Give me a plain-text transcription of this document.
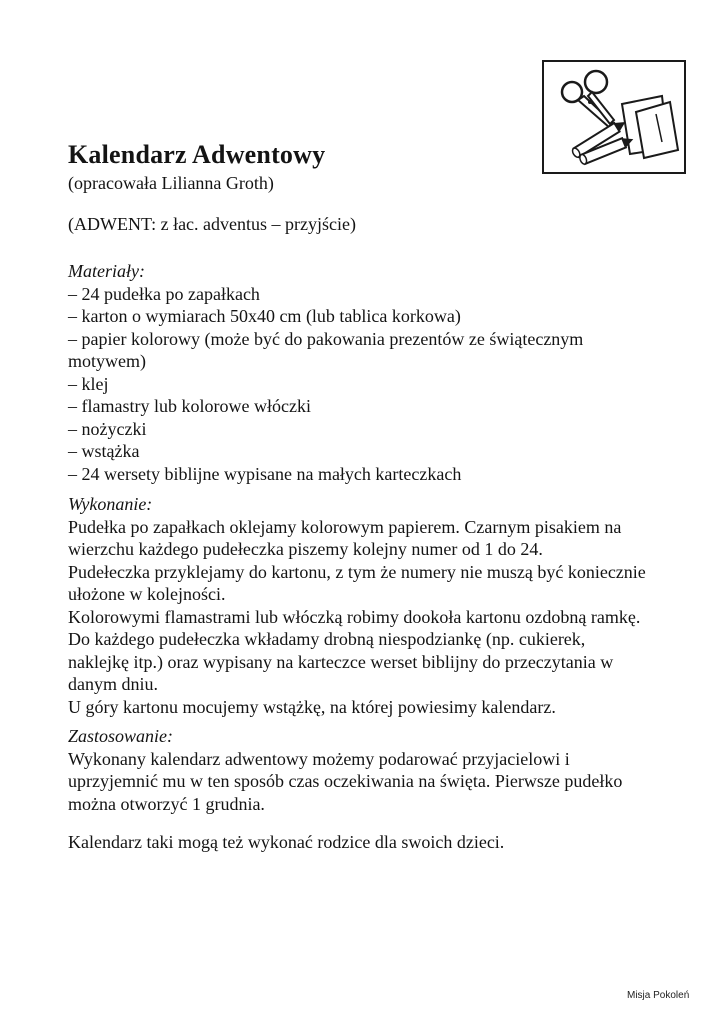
Kalendarz Adwentowy
(opracowała Lilianna Groth)
(ADWENT: z łac. adventus – przyjście)
Materiały:
– 24 pudełka po zapałkach
– karton o wymiarach 50x40 cm (lub tablica korkowa)
– papier kolorowy (może być do pakowania prezentów ze świątecznym
motywem)
– klej
– flamastry lub kolorowe włóczki
– nożyczki
– wstążka
– 24 wersety biblijne wypisane na małych karteczkach
Wykonanie:
Pudełka po zapałkach oklejamy kolorowym papierem. Czarnym pisakiem na
wierzchu każdego pudełeczka piszemy kolejny numer od 1 do 24.
Pudełeczka przyklejamy do kartonu, z tym że numery nie muszą być koniecznie
ułożone w kolejności.
Kolorowymi flamastrami lub włóczką robimy dookoła kartonu ozdobną ramkę.
Do każdego pudełeczka wkładamy drobną niespodziankę (np. cukierek,
naklejkę itp.) oraz wypisany na karteczce werset biblijny do przeczytania w
danym dniu.
U góry kartonu mocujemy wstążkę, na której powiesimy kalendarz.
Zastosowanie:
Wykonany kalendarz adwentowy możemy podarować przyjacielowi i
uprzyjemnić mu w ten sposób czas oczekiwania na święta. Pierwsze pudełko
można otworzyć 1 grudnia.
Kalendarz taki mogą też wykonać rodzice dla swoich dzieci.
Misja Pokoleń
